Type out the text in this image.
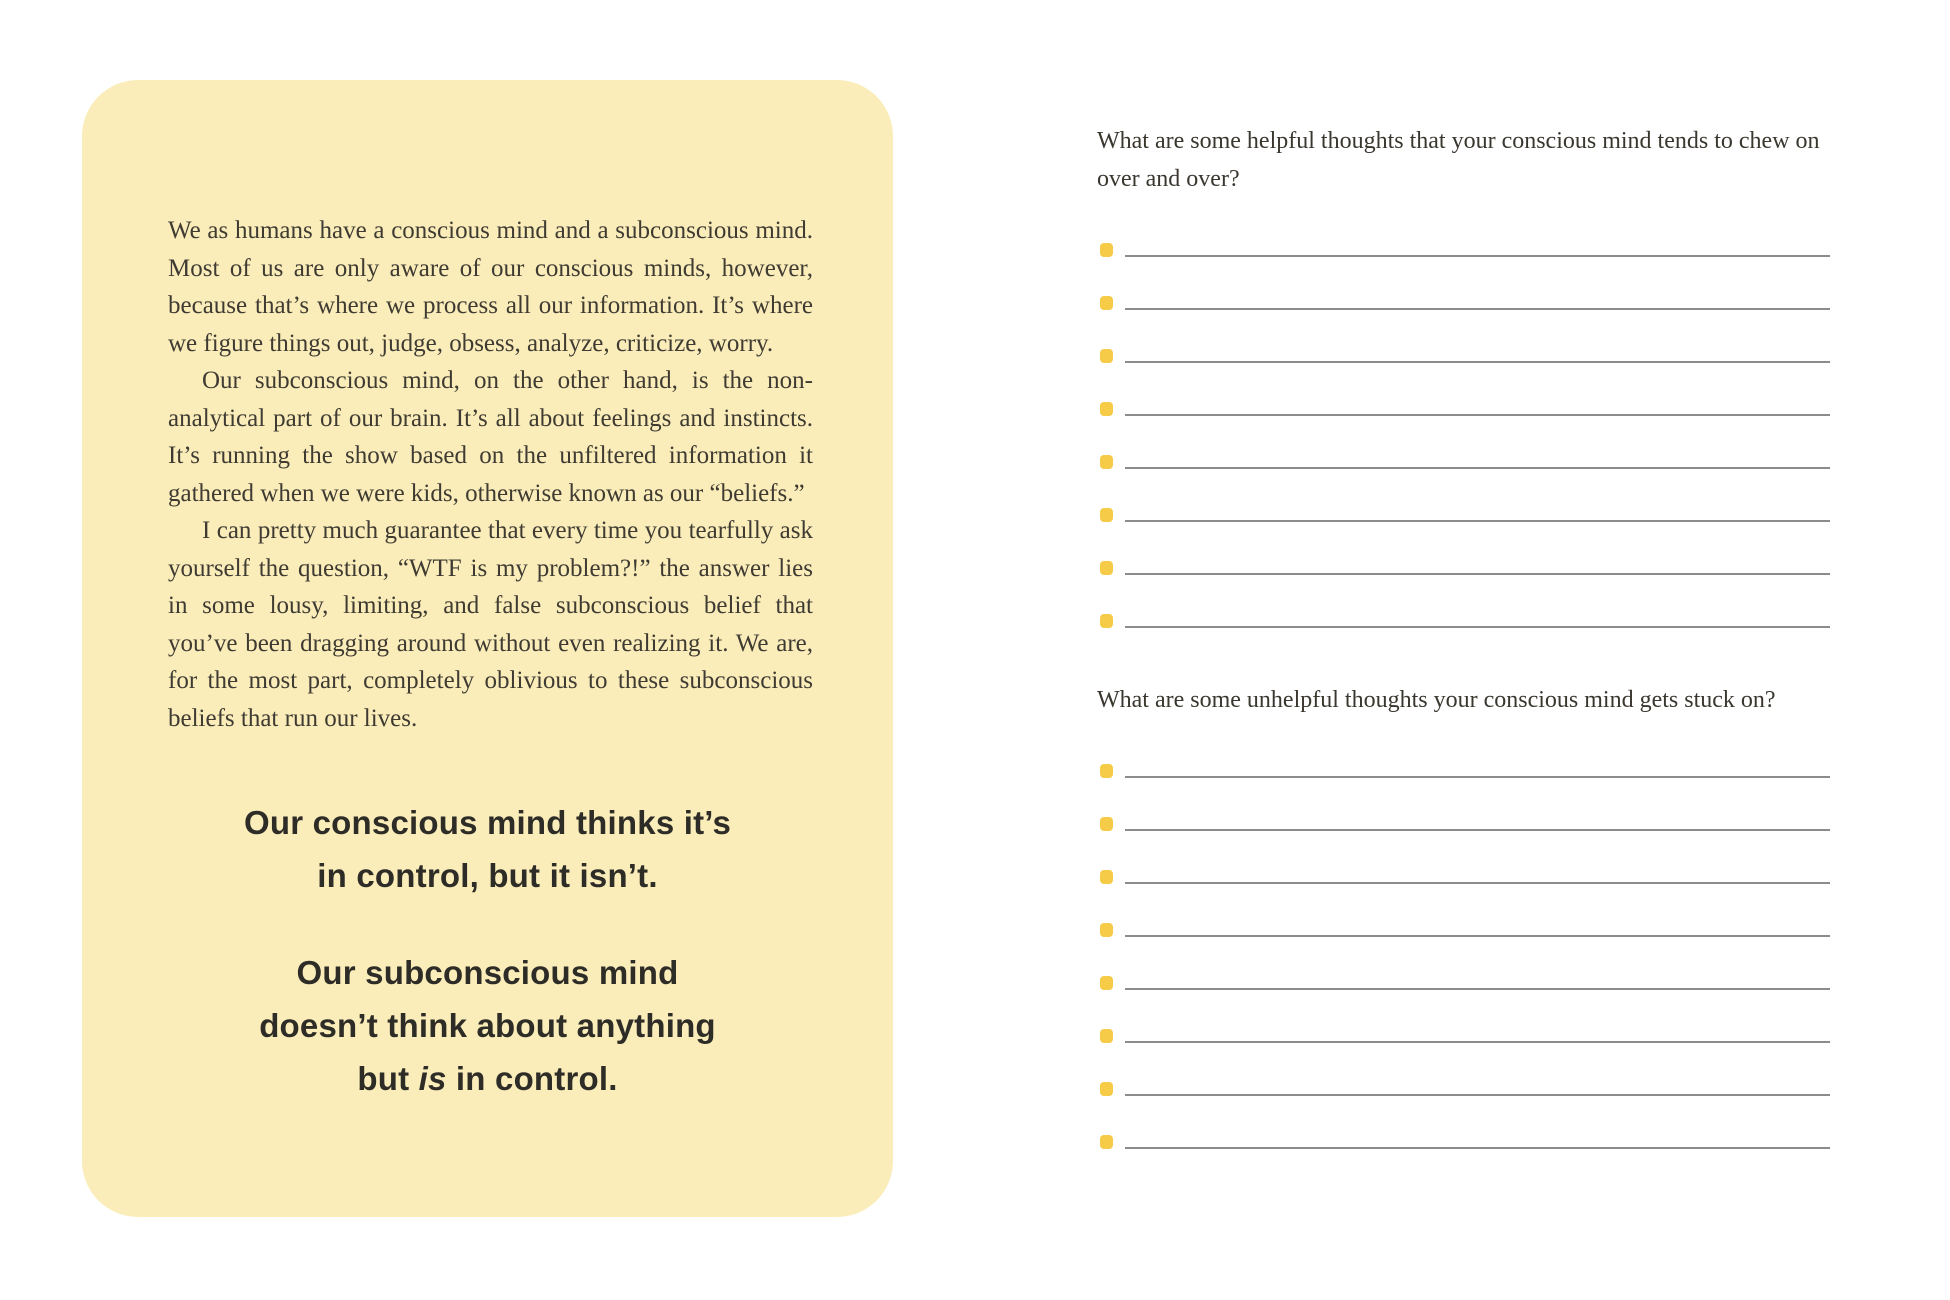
We as humans have a conscious mind and a subconscious mind. Most of us are only aware of our conscious minds, however, because that’s where we process all our information. It’s where we figure things out, judge, obsess, analyze, criticize, worry.

Our subconscious mind, on the other hand, is the non-analytical part of our brain. It’s all about feelings and instincts. It’s running the show based on the unfiltered information it gathered when we were kids, otherwise known as our “beliefs.”

I can pretty much guarantee that every time you tearfully ask yourself the question, “WTF is my problem?!” the answer lies in some lousy, limiting, and false subconscious belief that you’ve been dragging around without even realizing it. We are, for the most part, completely oblivious to these subconscious beliefs that run our lives.

Our conscious mind thinks it’s
in control, but it isn’t.
Our subconscious mind
doesn’t think about anything
but is in control.
What are some helpful thoughts that your conscious mind tends to chew on over and over?
What are some unhelpful thoughts your conscious mind gets stuck on?
